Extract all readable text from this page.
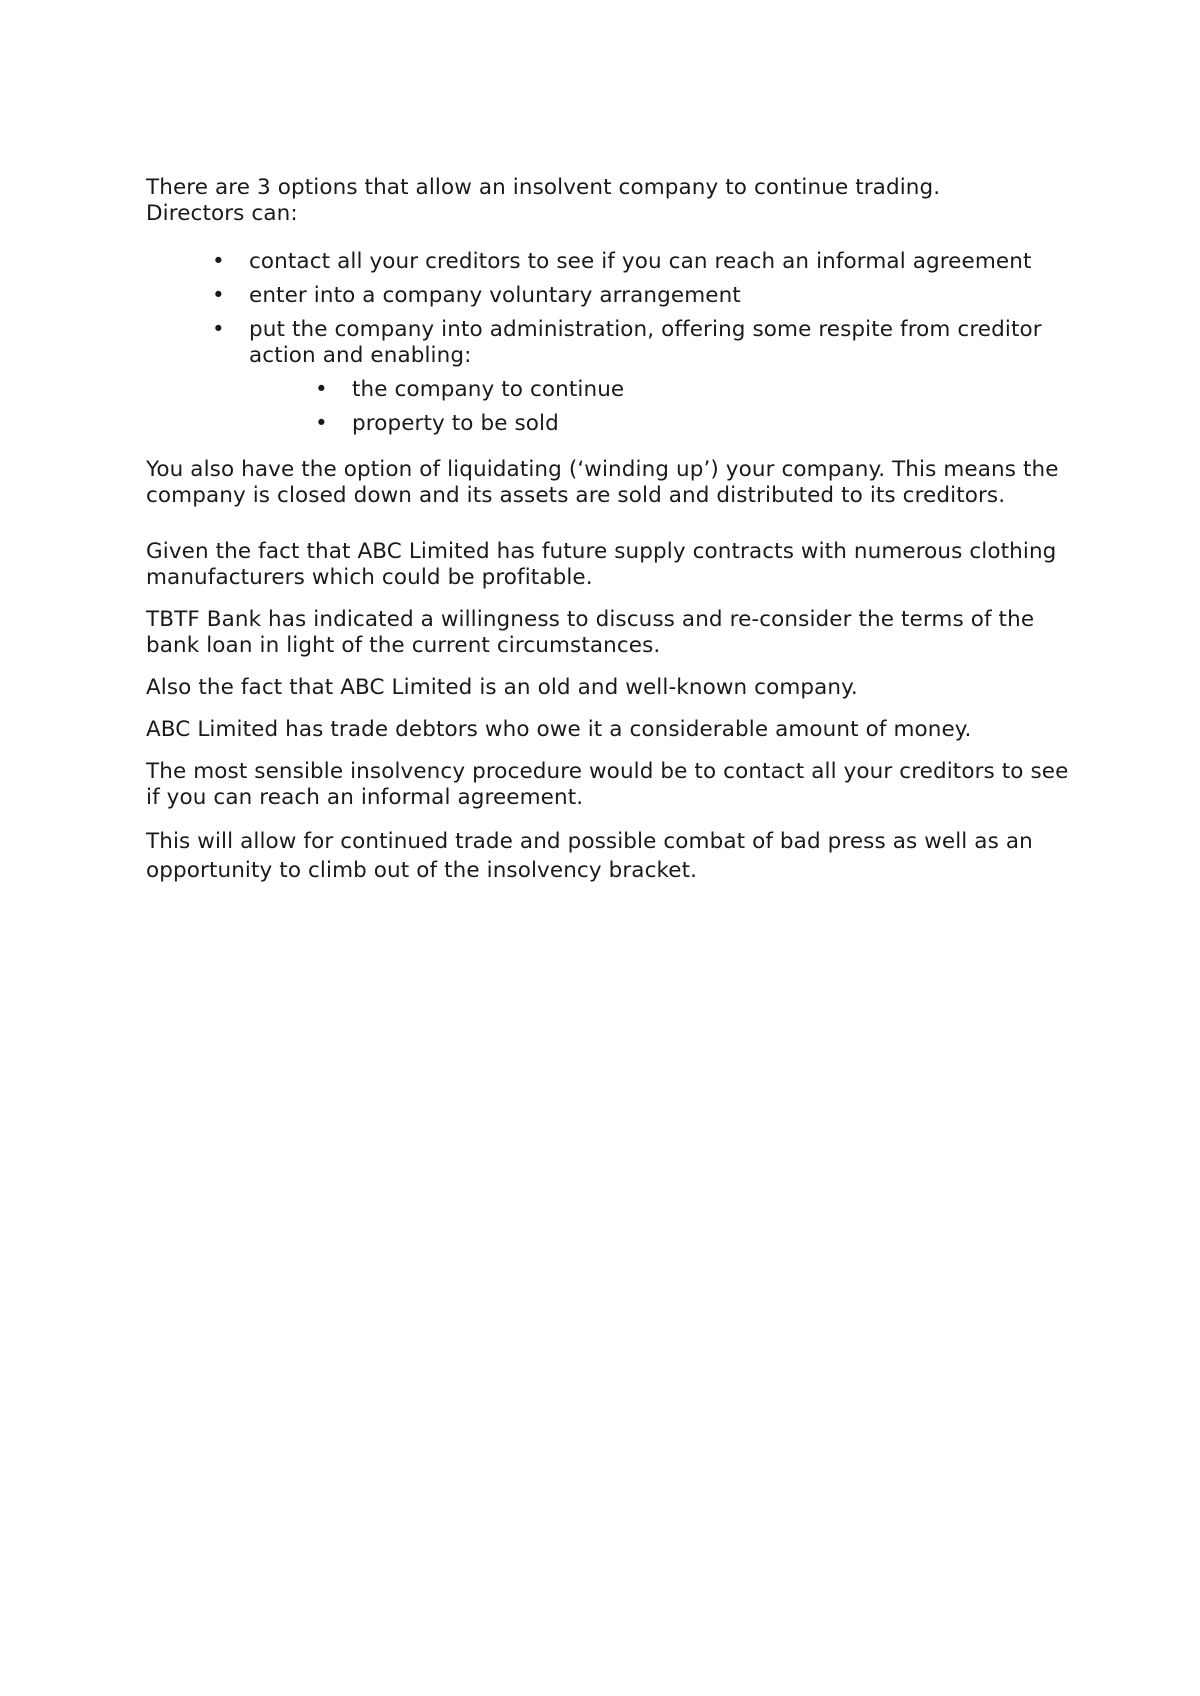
There are 3 options that allow an insolvent company to continue trading.

Directors can:

• contact all your creditors to see if you can reach an informal agreement
• enter into a company voluntary arrangement
• put the company into administration, offering some respite from creditor action and enabling:
• the company to continue
• property to be sold

You also have the option of liquidating (‘winding up’) your company. This means the company is closed down and its assets are sold and distributed to its creditors.

Given the fact that ABC Limited has future supply contracts with numerous clothing manufacturers which could be profitable.

TBTF Bank has indicated a willingness to discuss and re-consider the terms of the bank loan in light of the current circumstances.

Also the fact that ABC Limited is an old and well-known company.

ABC Limited has trade debtors who owe it a considerable amount of money.

The most sensible insolvency procedure would be to contact all your creditors to see if you can reach an informal agreement.

This will allow for continued trade and possible combat of bad press as well as an opportunity to climb out of the insolvency bracket.
